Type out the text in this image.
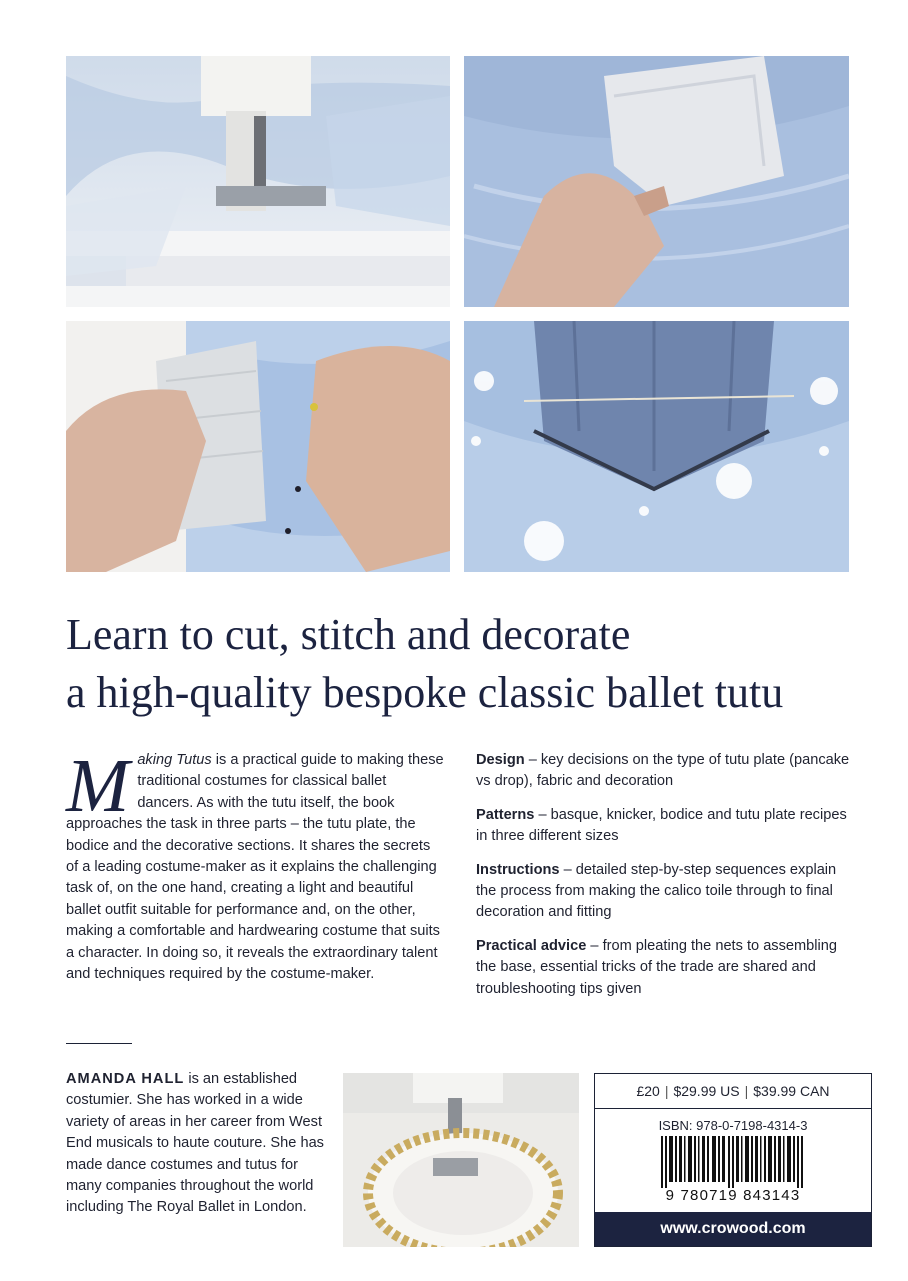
Learn to cut, stitch and decorate
a high-quality bespoke classic ballet tutu
Making Tutus is a practical guide to making these traditional costumes for classical ballet dancers. As with the tutu itself, the book approaches the task in three parts – the tutu plate, the bodice and the decorative sections. It shares the secrets of a leading costume-maker as it explains the challenging task of, on the one hand, creating a light and beautiful ballet outfit suitable for performance and, on the other, making a comfortable and hardwearing costume that suits a character. In doing so, it reveals the extraordinary talent and techniques required by the costume-maker.

Design – key decisions on the type of tutu plate (pancake vs drop), fabric and decoration

Patterns – basque, knicker, bodice and tutu plate recipes in three different sizes

Instructions – detailed step-by-step sequences explain the process from making the calico toile through to final decoration and fitting

Practical advice – from pleating the nets to assembling the base, essential tricks of the trade are shared and troubleshooting tips given

AMANDA HALL is an established costumier. She has worked in a wide variety of areas in her career from West End musicals to haute couture. She has made dance costumes and tutus for many companies throughout the world including The Royal Ballet in London.
£20 | $29.99 US | $39.99 CAN
ISBN: 978-0-7198-4314-3
9 780719 843143
www.crowood.com
